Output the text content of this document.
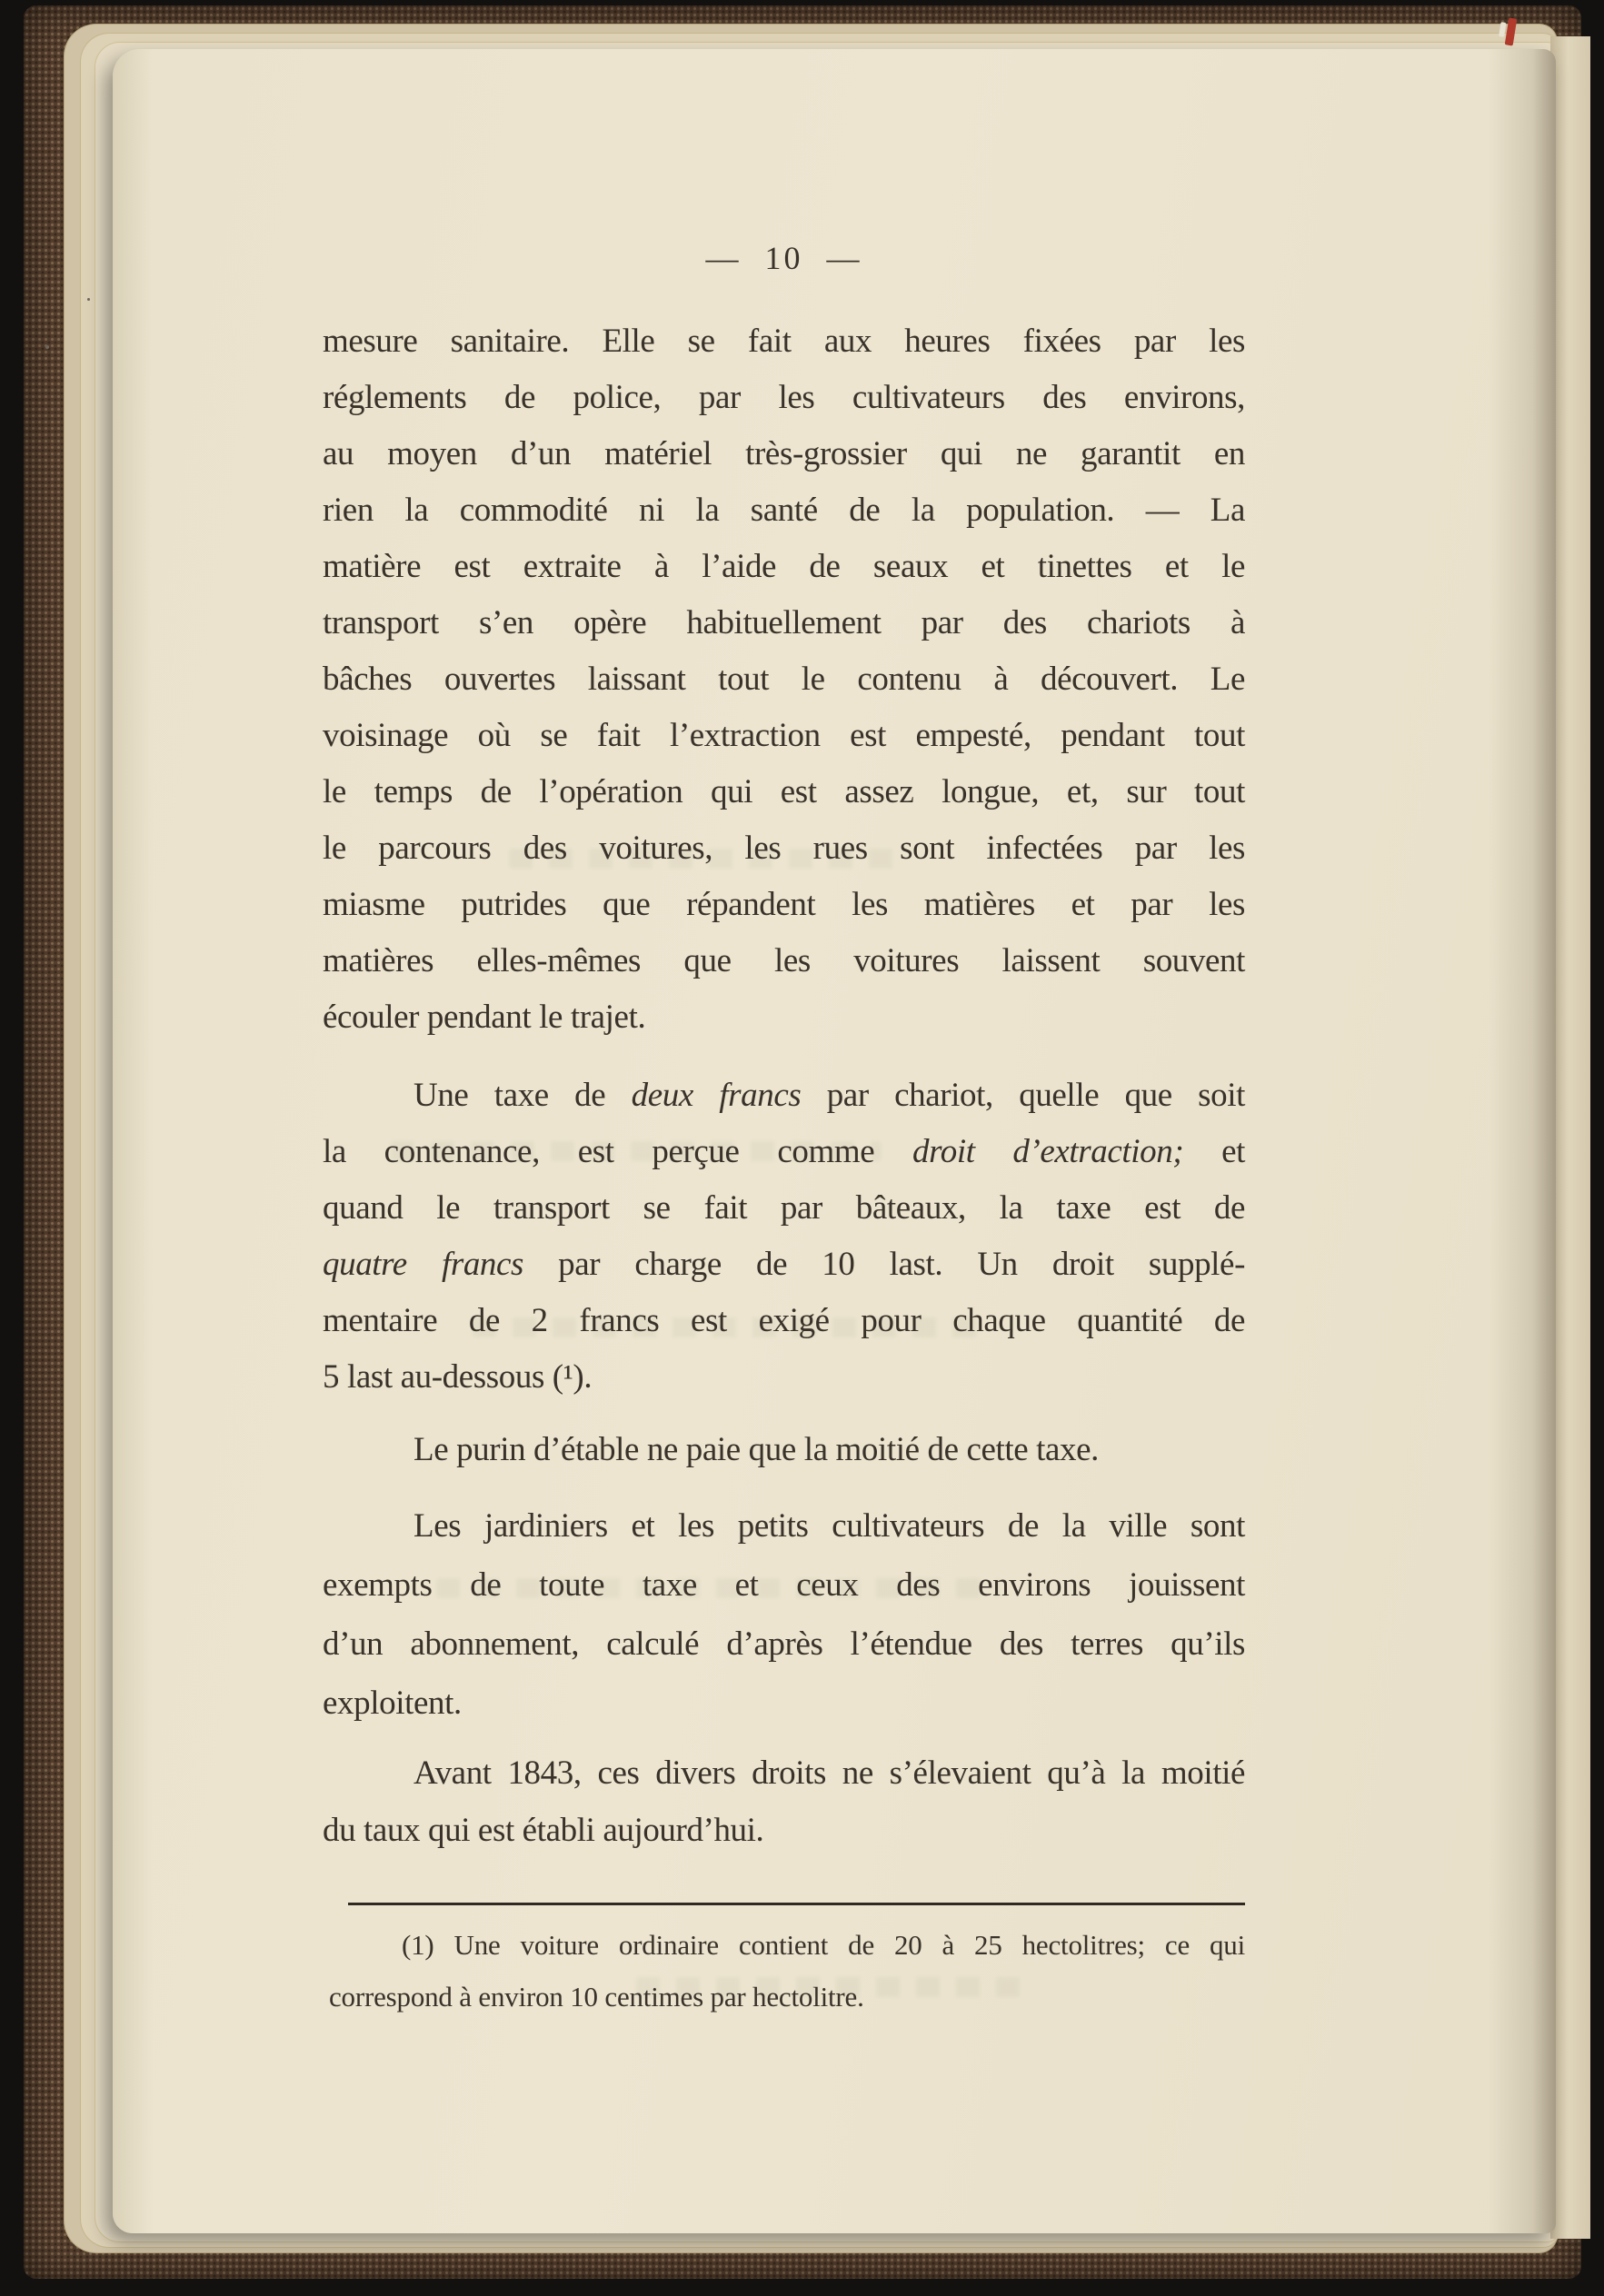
— 10 —
mesure sanitaire. Elle se fait aux heures fixées par les
réglements de police, par les cultivateurs des environs,
au moyen d’un matériel très-grossier qui ne garantit en
rien la commodité ni la santé de la population. — La
matière est extraite à l’aide de seaux et tinettes et le
transport s’en opère habituellement par des chariots à
bâches ouvertes laissant tout le contenu à découvert. Le
voisinage où se fait l’extraction est empesté, pendant tout
le temps de l’opération qui est assez longue, et, sur tout
le parcours des voitures, les rues sont infectées par les
miasme putrides que répandent les matières et par les
matières elles-mêmes que les voitures laissent souvent
écouler pendant le trajet.
Une taxe de deux francs par chariot, quelle que soit
la contenance, est perçue comme droit d’extraction; et
quand le transport se fait par bâteaux, la taxe est de
quatre francs par charge de 10 last. Un droit supplé-
mentaire de 2 francs est exigé pour chaque quantité de
5 last au-dessous (¹).
Le purin d’étable ne paie que la moitié de cette taxe.
Les jardiniers et les petits cultivateurs de la ville sont
exempts de toute taxe et ceux des environs jouissent
d’un abonnement, calculé d’après l’étendue des terres qu’ils
exploitent.
Avant 1843, ces divers droits ne s’élevaient qu’à la moitié
du taux qui est établi aujourd’hui.
(1) Une voiture ordinaire contient de 20 à 25 hectolitres; ce qui
correspond à environ 10 centimes par hectolitre.
